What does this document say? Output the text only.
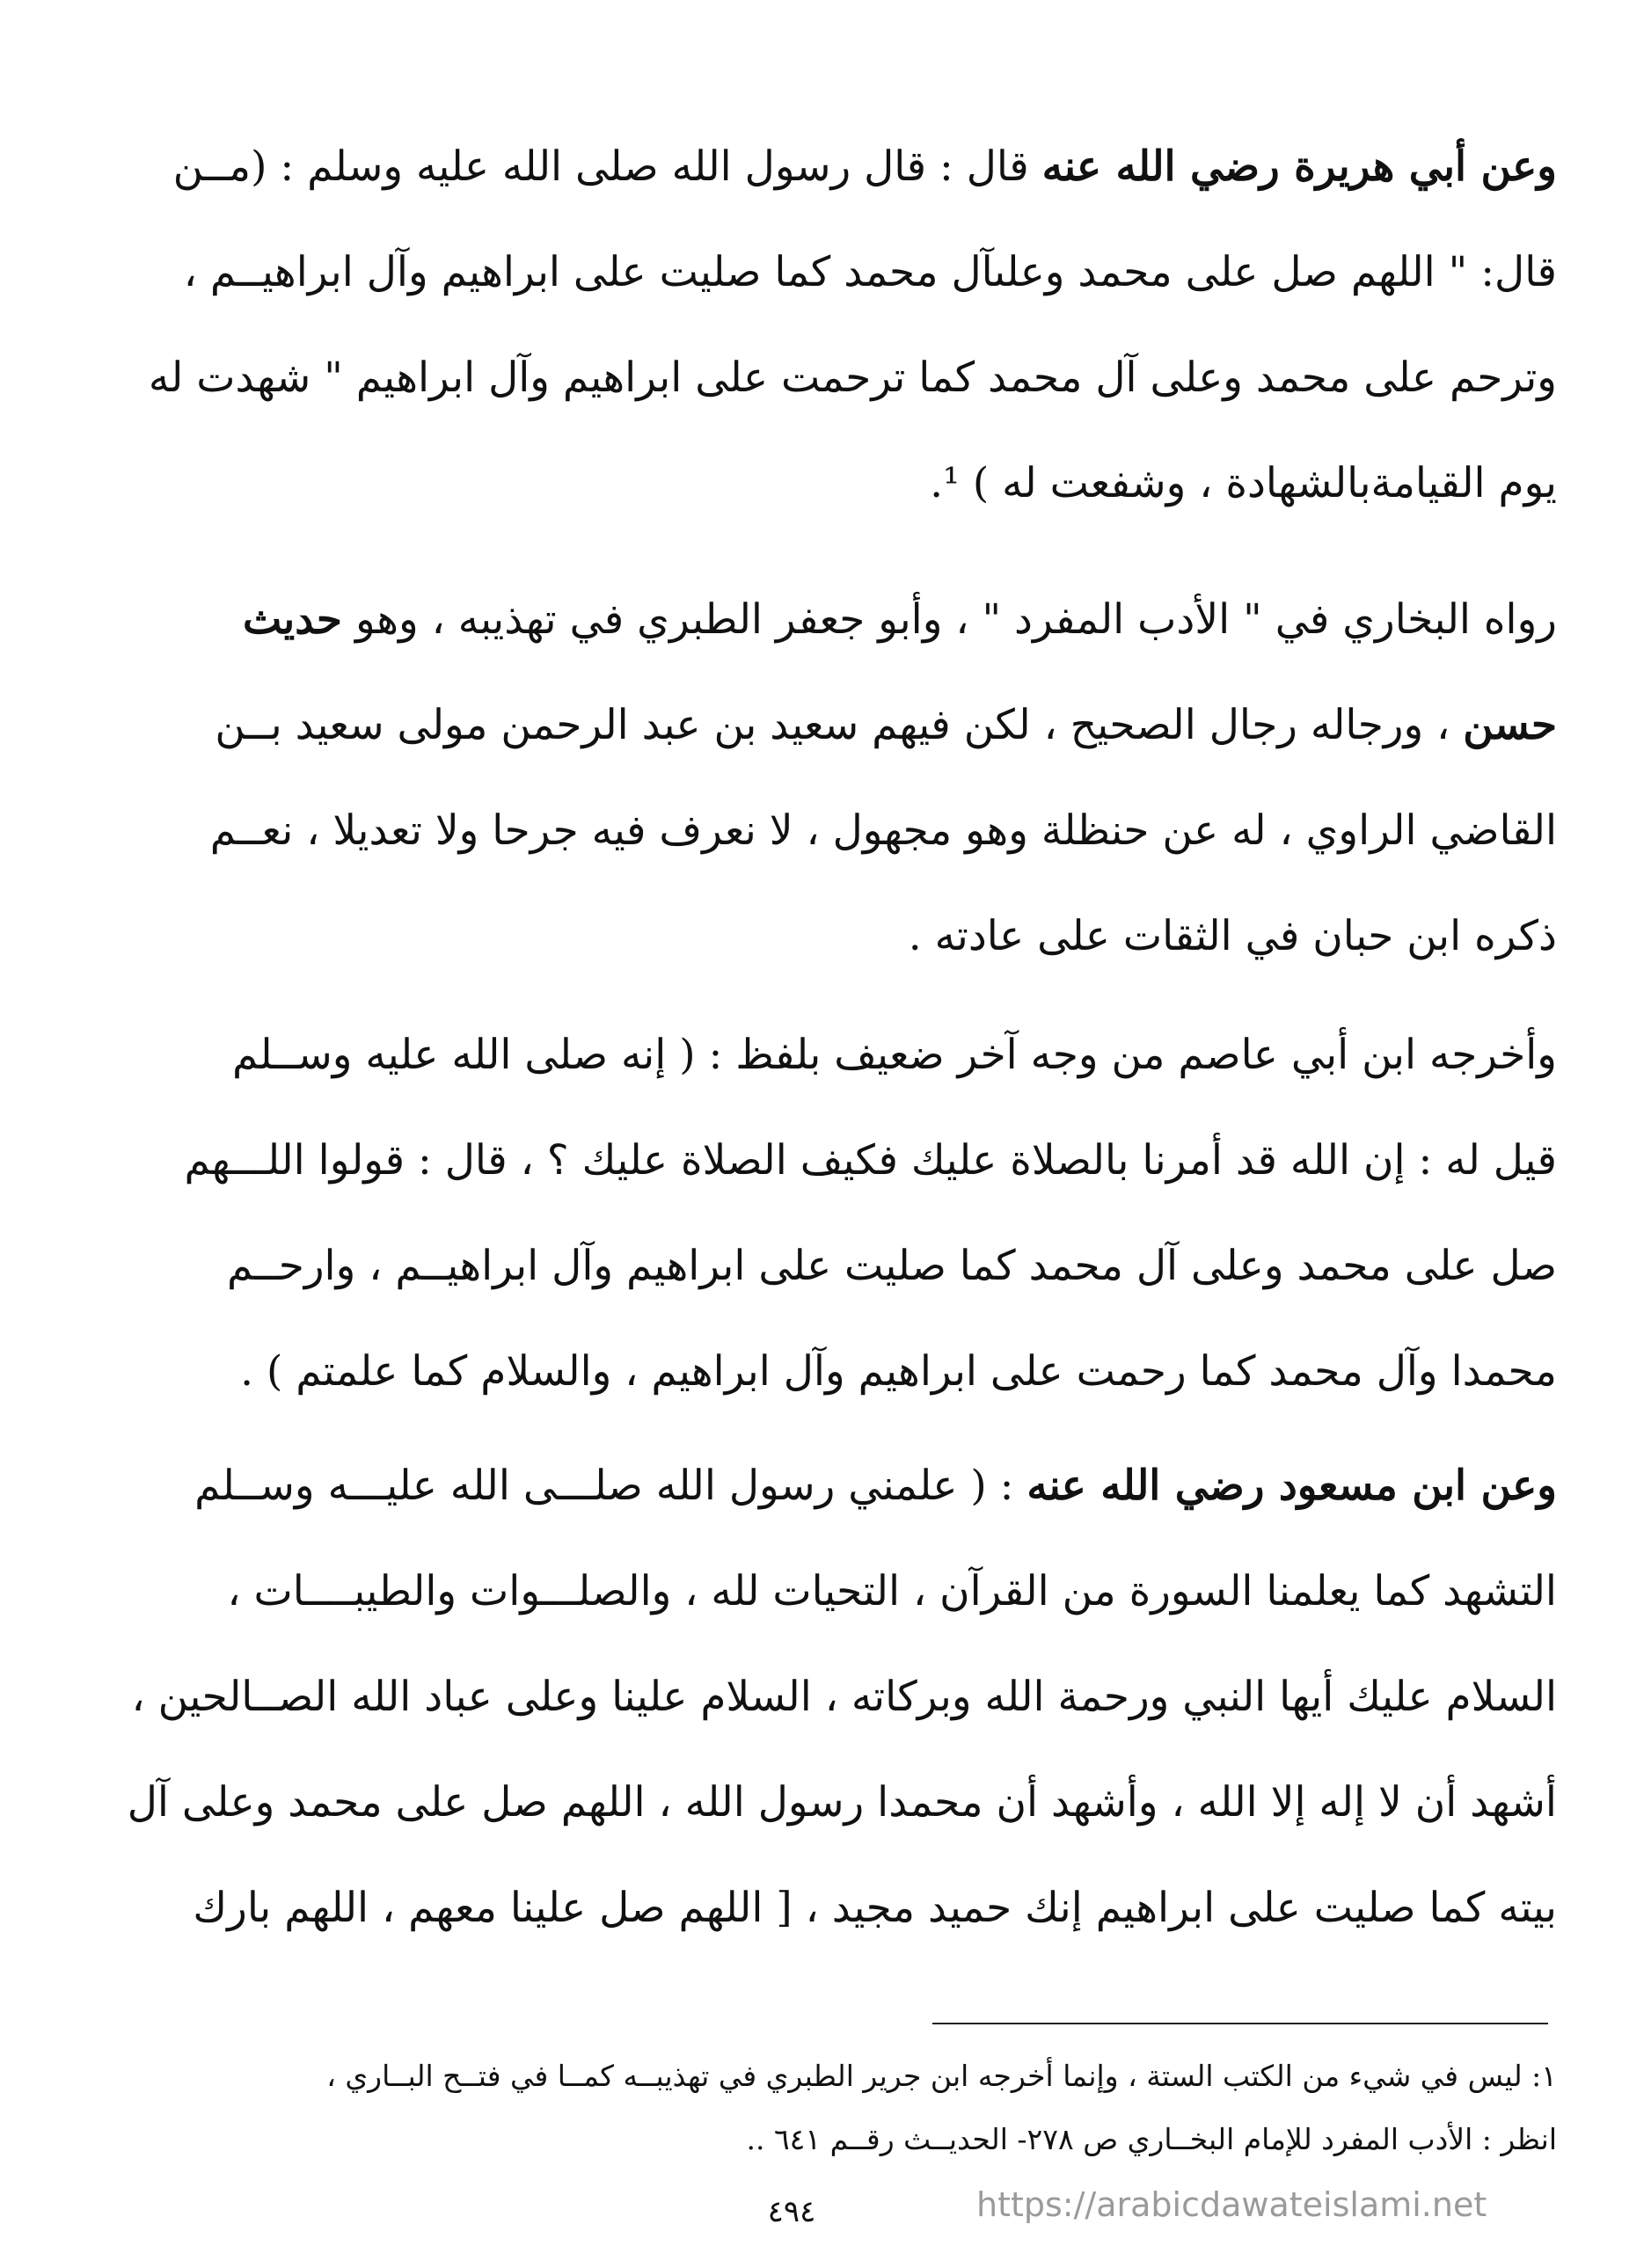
وعن أبي هريرة رضي الله عنه قال : قال رسول الله صلى الله عليه وسلم : (مــن
قال: " اللهم صل على محمد وعلىآل محمد كما صليت على ابراهيم وآل ابراهيــم ،
وترحم على محمد وعلى آل محمد كما ترحمت على ابراهيم وآل ابراهيم " شهدت له
يوم القيامةبالشهادة ، وشفعت له ) ¹.
رواه البخاري في " الأدب المفرد " ، وأبو جعفر الطبري في تهذيبه ، وهو حديث
حسن ، ورجاله رجال الصحيح ، لكن فيهم سعيد بن عبد الرحمن مولى سعيد بــن
القاضي الراوي ، له عن حنظلة وهو مجهول ، لا نعرف فيه جرحا ولا تعديلا ، نعــم
ذكره ابن حبان في الثقات على عادته .
وأخرجه ابن أبي عاصم من وجه آخر ضعيف بلفظ : ( إنه صلى الله عليه وســلم
قيل له : إن الله قد أمرنا بالصلاة عليك فكيف الصلاة عليك ؟ ، قال : قولوا اللـــهم
صل على محمد وعلى آل محمد كما صليت على ابراهيم وآل ابراهيــم ، وارحــم
محمدا وآل محمد كما رحمت على ابراهيم وآل ابراهيم ، والسلام كما علمتم ) .
وعن ابن مسعود رضي الله عنه : ( علمني رسول الله صلـــى الله عليـــه وســلم
التشهد كما يعلمنا السورة من القرآن ، التحيات لله ، والصلـــوات والطيبــــات ،
السلام عليك أيها النبي ورحمة الله وبركاته ، السلام علينا وعلى عباد الله الصــالحين ،
أشهد أن لا إله إلا الله ، وأشهد أن محمدا رسول الله ، اللهم صل على محمد وعلى آل
بيته كما صليت على ابراهيم إنك حميد مجيد ، [ اللهم صل علينا معهم ، اللهم بارك
١: ليس في شيء من الكتب الستة ، وإنما أخرجه ابن جرير الطبري في تهذيبــه كمــا في فتــح البــاري ،
انظر : الأدب المفرد للإمام البخــاري ص ٢٧٨- الحديــث رقــم ٦٤١ ..
٤٩٤	https://arabicdawateislami.net
